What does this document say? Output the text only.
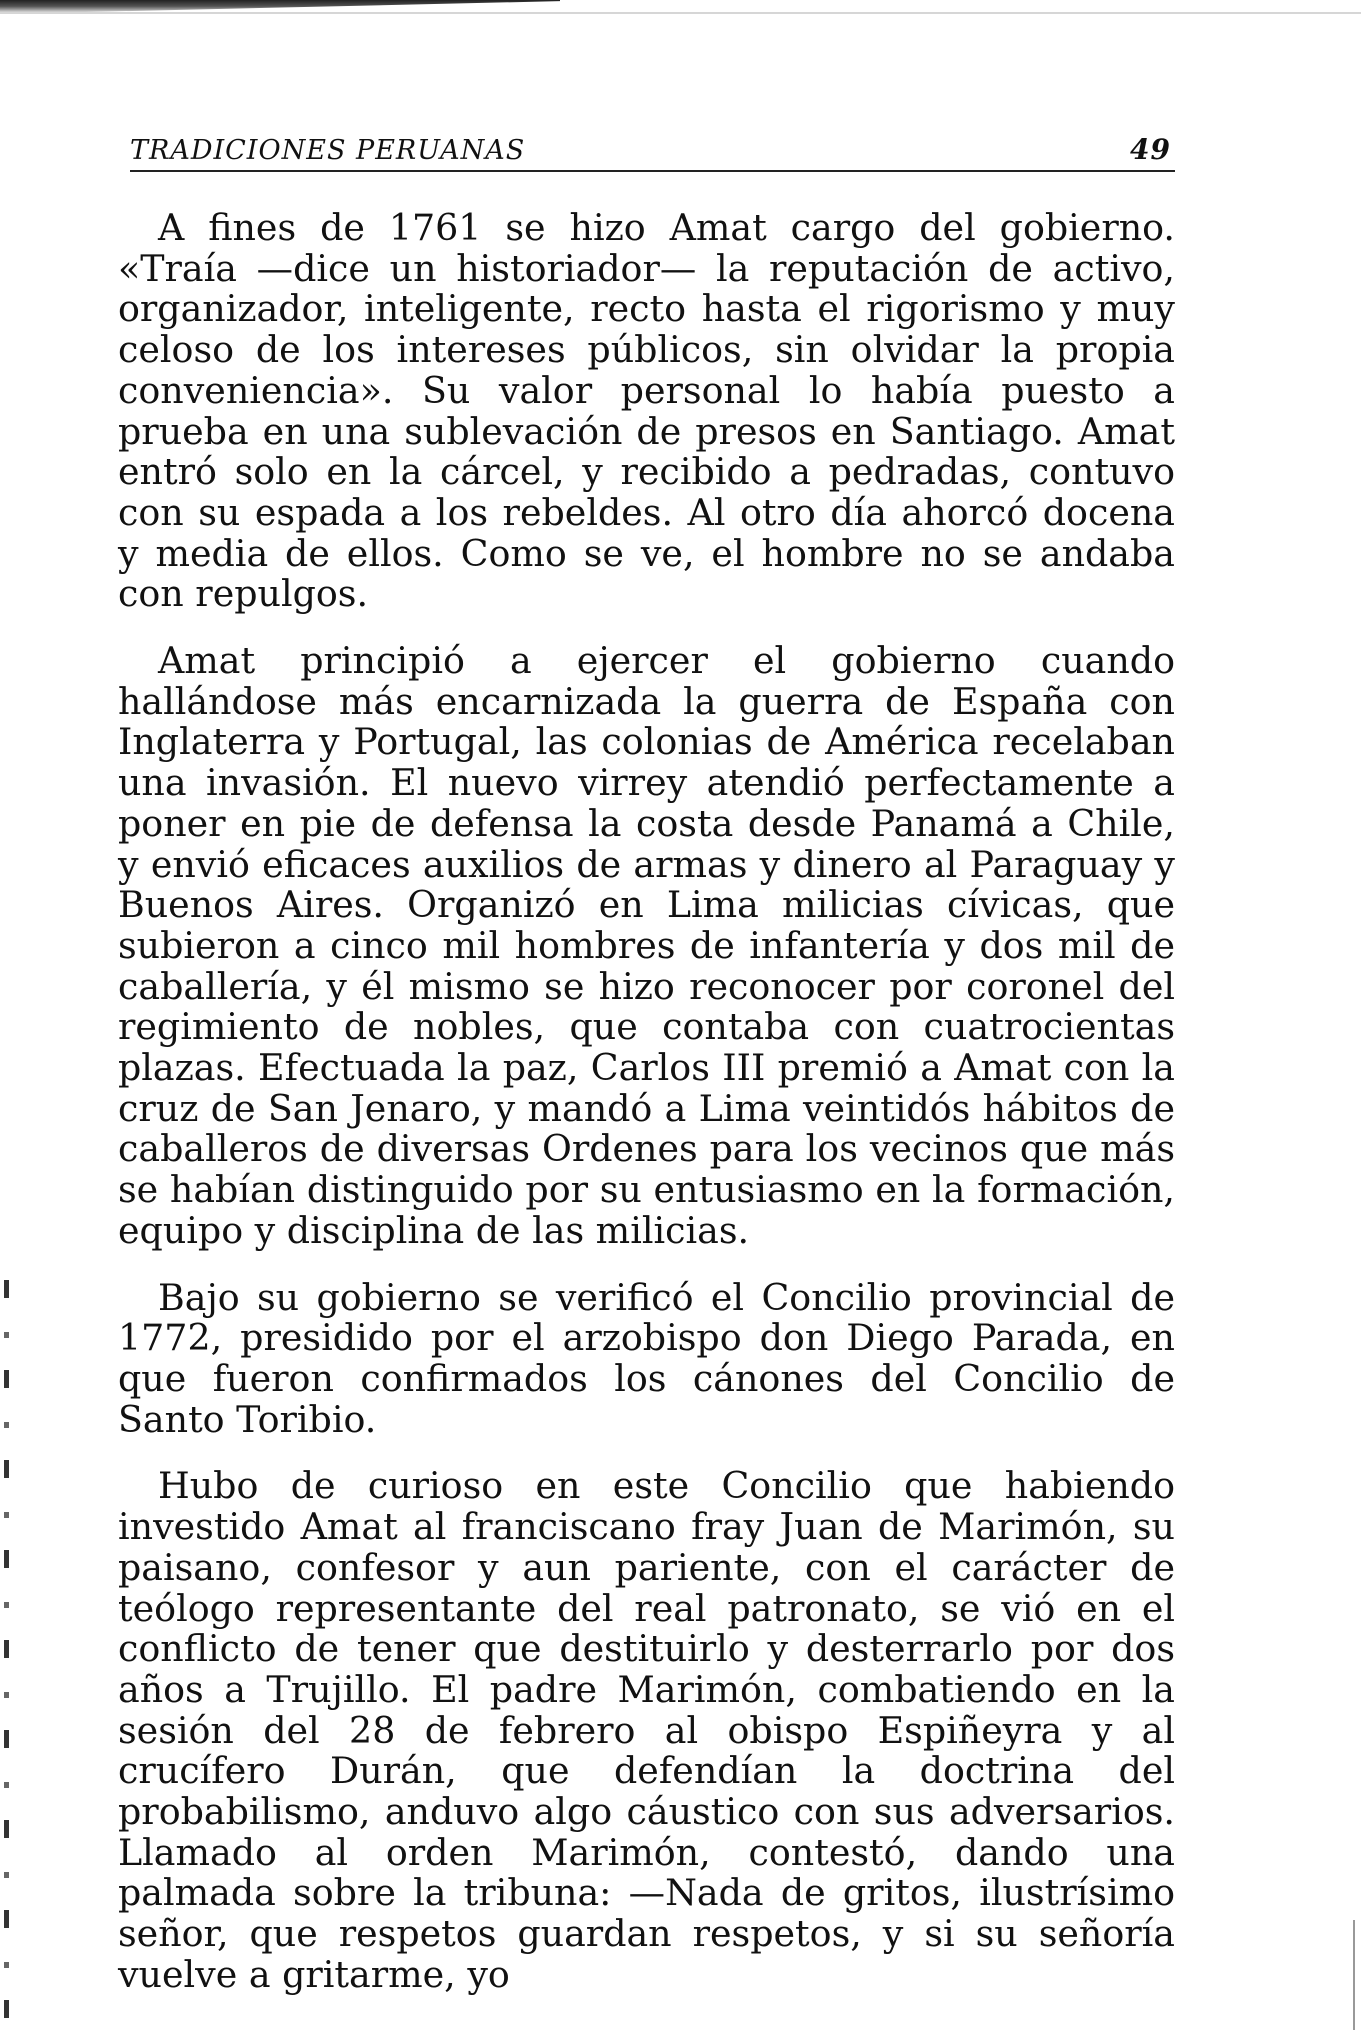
TRADICIONES PERUANAS	49

A fines de 1761 se hizo Amat cargo del gobierno. «Traía —dice un historiador— la reputación de activo, organizador, inteligente, recto hasta el rigorismo y muy celoso de los intereses públicos, sin olvidar la propia conveniencia». Su valor personal lo había puesto a prueba en una sublevación de presos en Santiago. Amat entró solo en la cárcel, y recibido a pedradas, contuvo con su espada a los rebeldes. Al otro día ahorcó docena y media de ellos. Como se ve, el hombre no se andaba con repulgos.

Amat principió a ejercer el gobierno cuando hallándose más encarnizada la guerra de España con Inglaterra y Portugal, las colonias de América recelaban una invasión. El nuevo virrey atendió perfectamente a poner en pie de defensa la costa desde Panamá a Chile, y envió eficaces auxilios de armas y dinero al Paraguay y Buenos Aires. Organizó en Lima milicias cívicas, que subieron a cinco mil hombres de infantería y dos mil de caballería, y él mismo se hizo reconocer por coronel del regimiento de nobles, que contaba con cuatrocientas plazas. Efectuada la paz, Carlos III premió a Amat con la cruz de San Jenaro, y mandó a Lima veintidós hábitos de caballeros de diversas Ordenes para los vecinos que más se habían distinguido por su entusiasmo en la formación, equipo y disciplina de las milicias.

Bajo su gobierno se verificó el Concilio provincial de 1772, presidido por el arzobispo don Diego Parada, en que fueron confirmados los cánones del Concilio de Santo Toribio.

Hubo de curioso en este Concilio que habiendo investido Amat al franciscano fray Juan de Marimón, su paisano, confesor y aun pariente, con el carácter de teólogo representante del real patronato, se vió en el conflicto de tener que destituirlo y desterrarlo por dos años a Trujillo. El padre Marimón, combatiendo en la sesión del 28 de febrero al obispo Espiñeyra y al crucífero Durán, que defendían la doctrina del probabilismo, anduvo algo cáustico con sus adversarios. Llamado al orden Marimón, contestó, dando una palmada sobre la tribuna: —Nada de gritos, ilustrísimo señor, que respetos guardan respetos, y si su señoría vuelve a gritarme, yo
